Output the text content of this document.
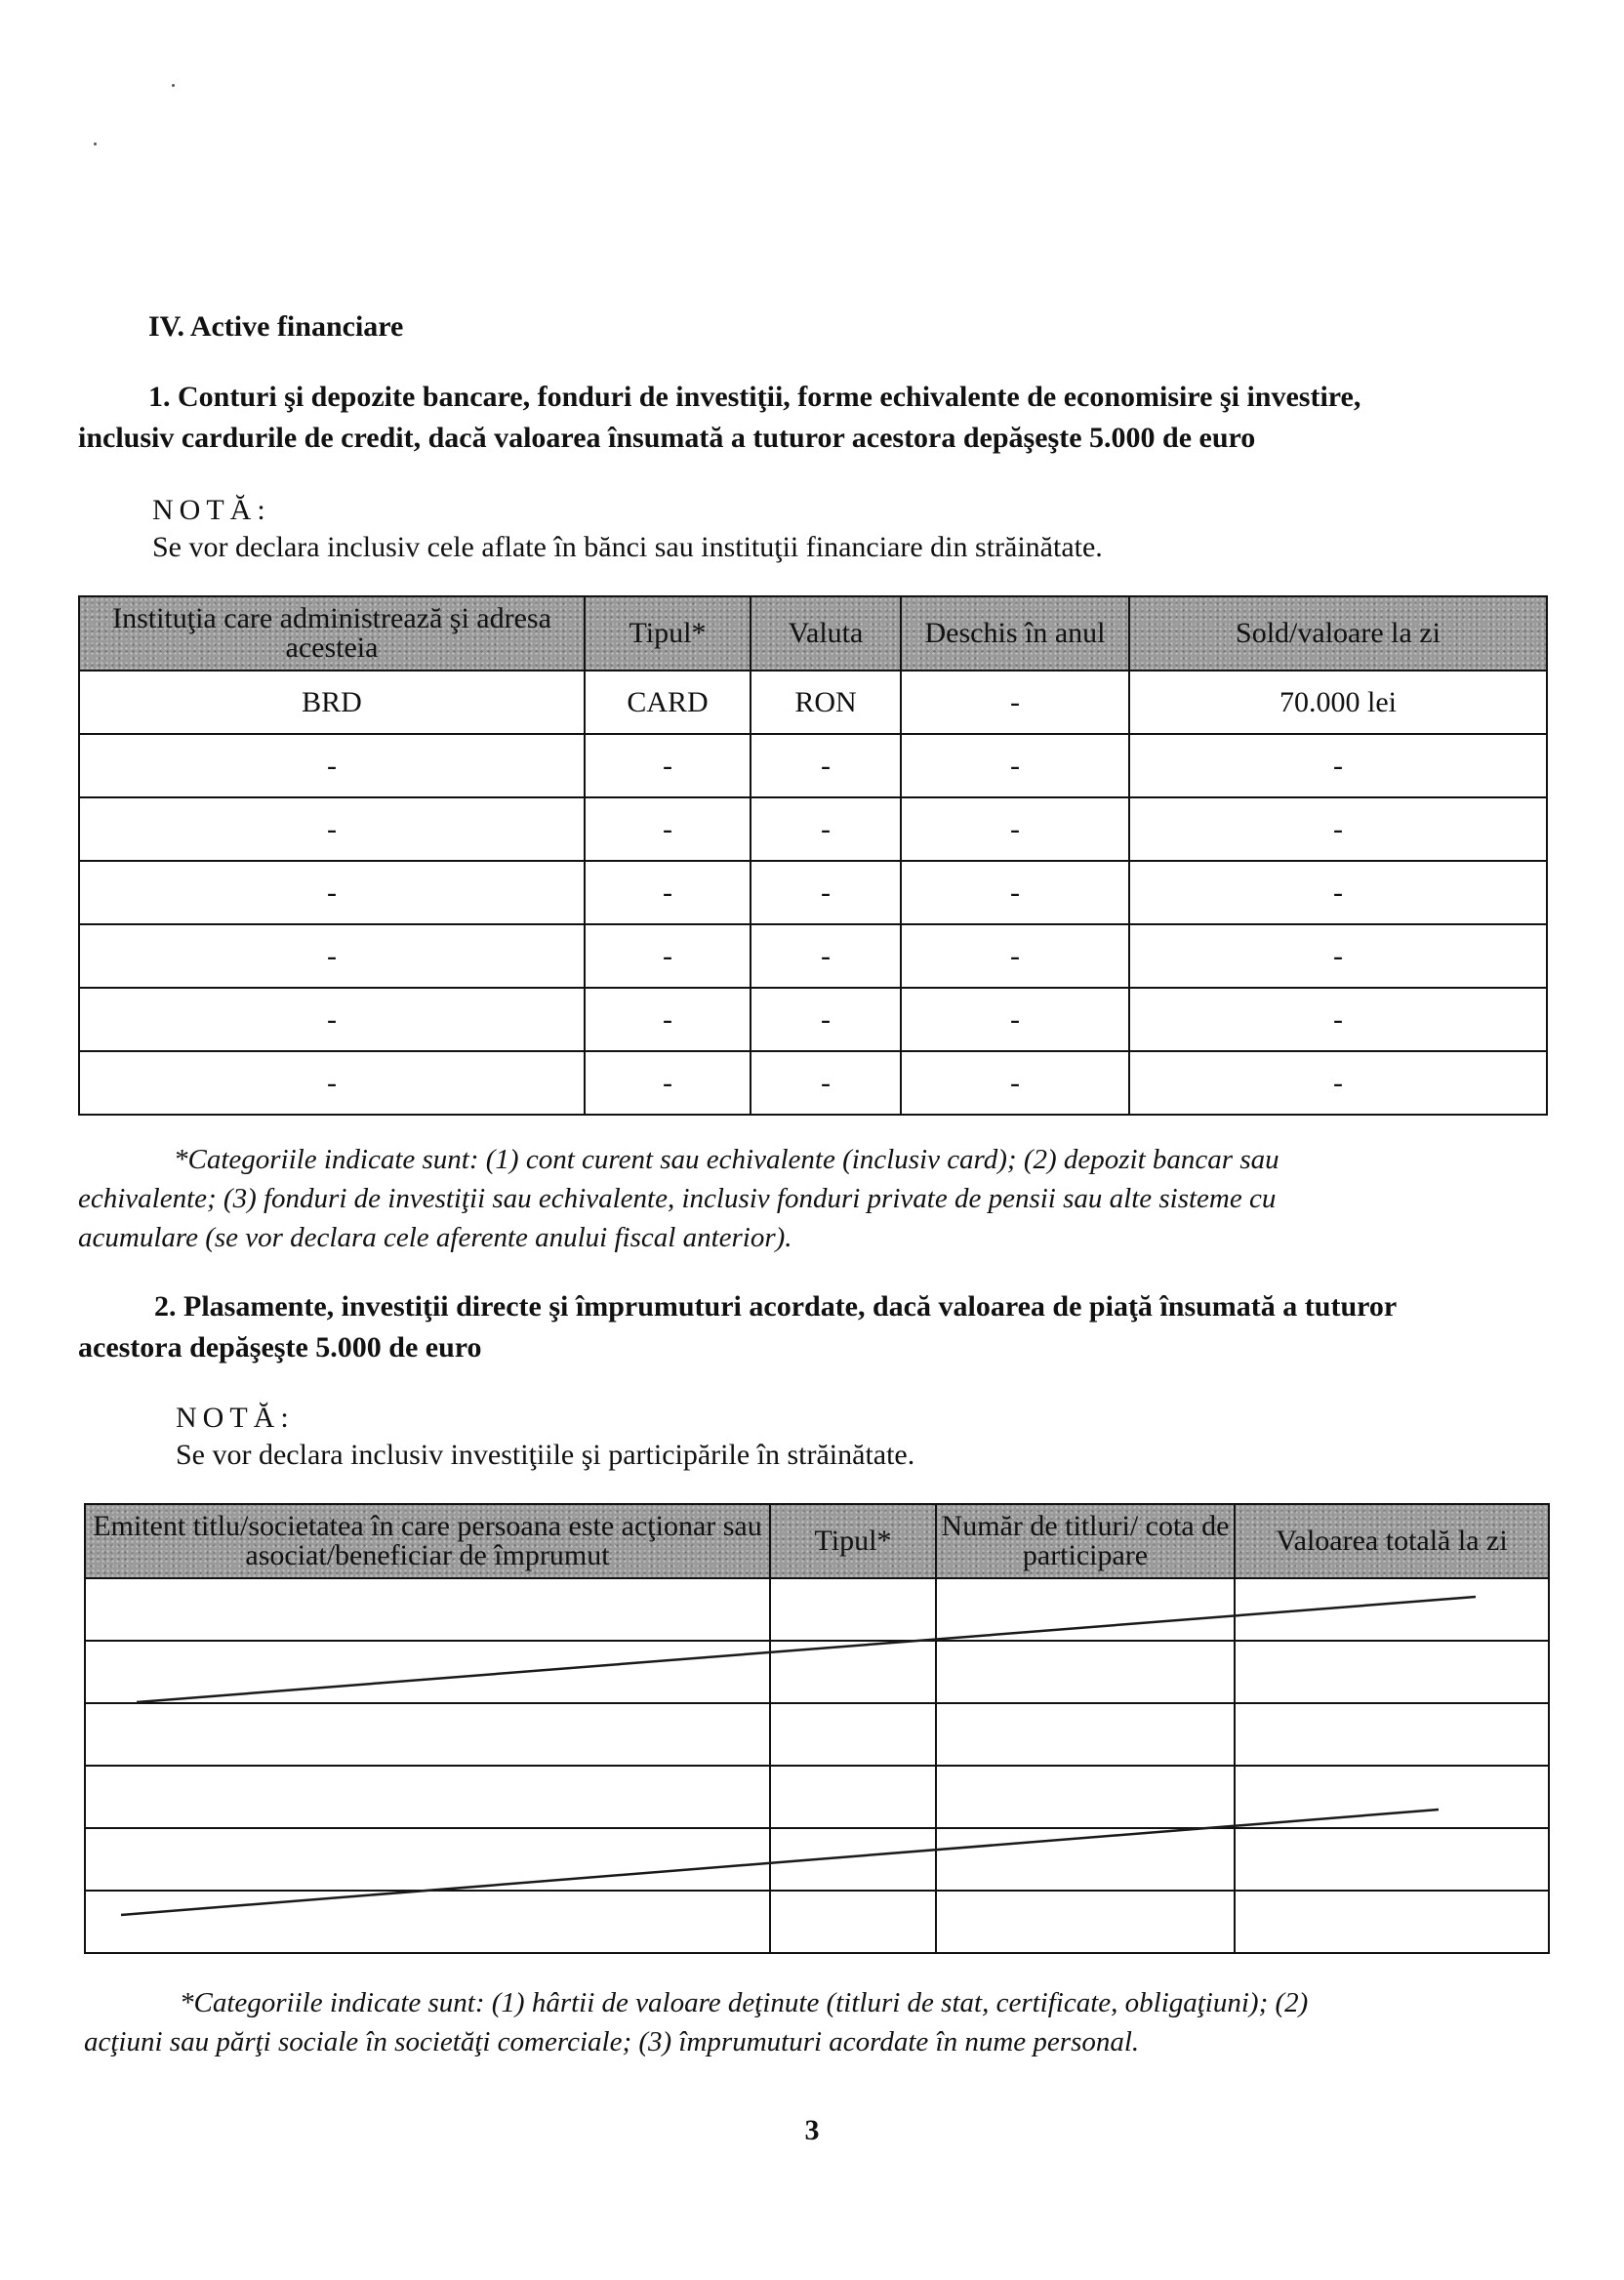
IV. Active financiare
1. Conturi şi depozite bancare, fonduri de investiţii, forme echivalente de economisire şi investire,
inclusiv cardurile de credit, dacă valoarea însumată a tuturor acestora depăşeşte 5.000 de euro
NOTĂ:
Se vor declara inclusiv cele aflate în bănci sau instituţii financiare din străinătate.
Instituţia care administrează şi adresa acesteia	Tipul*	Valuta	Deschis în anul	Sold/valoare la zi
BRD	CARD	RON	-	70.000 lei
-	-	-	-	-
-	-	-	-	-
-	-	-	-	-
-	-	-	-	-
-	-	-	-	-
-	-	-	-	-
*Categoriile indicate sunt: (1) cont curent sau echivalente (inclusiv card); (2) depozit bancar sau
echivalente; (3) fonduri de investiţii sau echivalente, inclusiv fonduri private de pensii sau alte sisteme cu
acumulare (se vor declara cele aferente anului fiscal anterior).
2. Plasamente, investiţii directe şi împrumuturi acordate, dacă valoarea de piaţă însumată a tuturor
acestora depăşeşte 5.000 de euro
NOTĂ:
Se vor declara inclusiv investiţiile şi participările în străinătate.
Emitent titlu/societatea în care persoana este acţionar sau asociat/beneficiar de împrumut	Tipul*	Număr de titluri/ cota de participare	Valoarea totală la zi

*Categoriile indicate sunt: (1) hârtii de valoare deţinute (titluri de stat, certificate, obligaţiuni); (2)
acţiuni sau părţi sociale în societăţi comerciale; (3) împrumuturi acordate în nume personal.
3
